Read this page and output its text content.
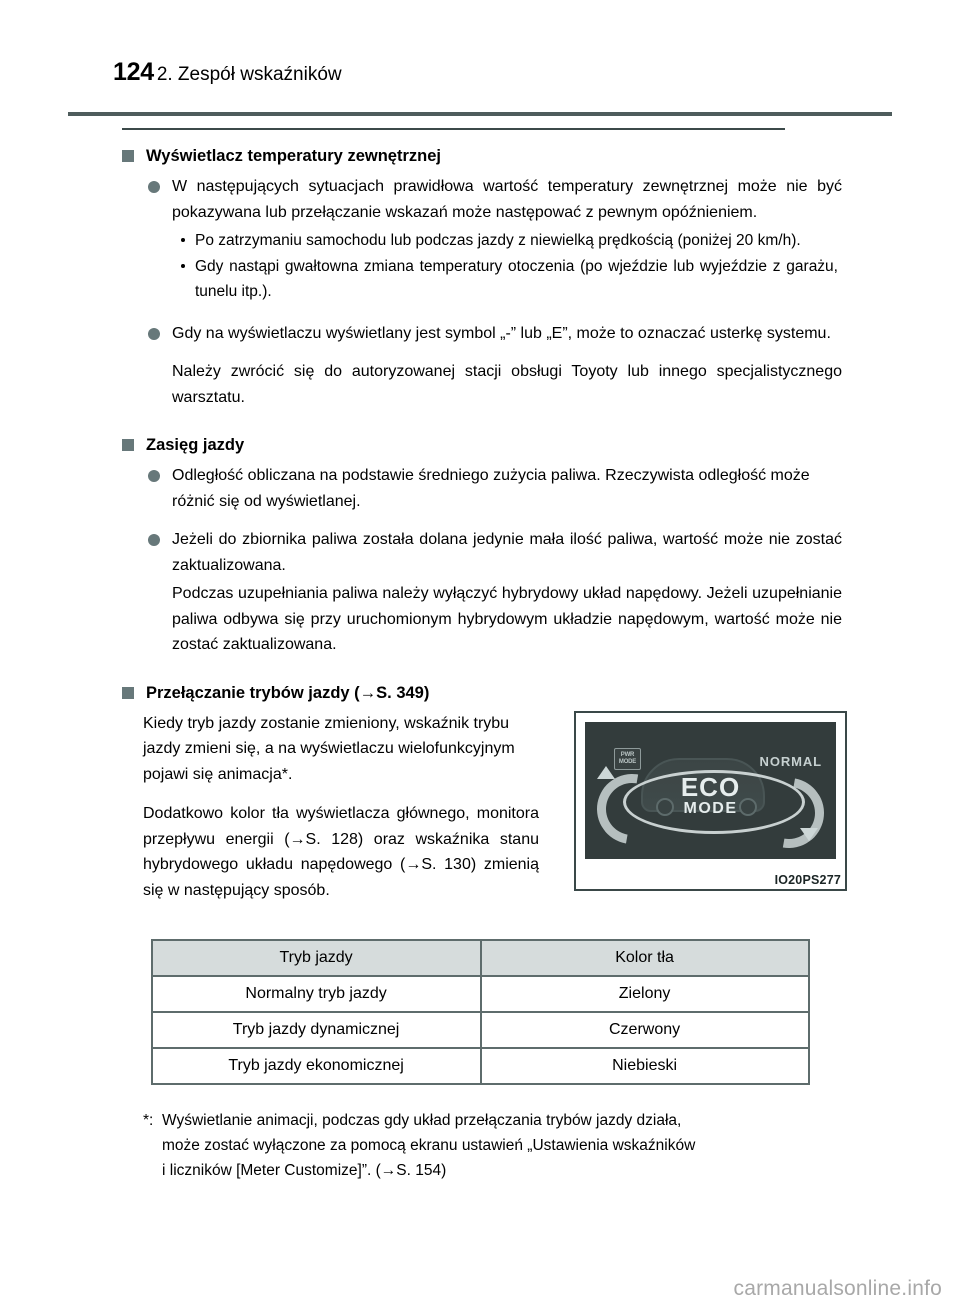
124 2. Zespół wskaźników
Wyświetlacz temperatury zewnętrznej
W następujących sytuacjach prawidłowa wartość temperatury zewnętrznej może nie być pokazywana lub przełączanie wskazań może następować z pewnym opóźnieniem.
Po zatrzymaniu samochodu lub podczas jazdy z niewielką prędkością (poniżej 20 km/h).
Gdy nastąpi gwałtowna zmiana temperatury otoczenia (po wjeździe lub wyjeździe z garażu, tunelu itp.).
Gdy na wyświetlaczu wyświetlany jest symbol „-” lub „E”, może to oznaczać usterkę systemu.
Należy zwrócić się do autoryzowanej stacji obsługi Toyoty lub innego specjalistycznego warsztatu.
Zasięg jazdy
Odległość obliczana na podstawie średniego zużycia paliwa. Rzeczywista odległość może różnić się od wyświetlanej.
Jeżeli do zbiornika paliwa została dolana jedynie mała ilość paliwa, wartość może nie zostać zaktualizowana.
Podczas uzupełniania paliwa należy wyłączyć hybrydowy układ napędowy. Jeżeli uzupełnianie paliwa odbywa się przy uruchomionym hybrydowym układzie napędowym, wartość może nie zostać zaktualizowana.
Przełączanie trybów jazdy (→S. 349)

Kiedy tryb jazdy zostanie zmieniony, wskaźnik trybu jazdy zmieni się, a na wyświetlaczu wielofunkcyjnym pojawi się animacja*.

Dodatkowo kolor tła wyświetlacza głównego, monitora przepływu energii (→S. 128) oraz wskaźnika stanu hybrydowego układu napędowego (→S. 130) zmienią się w następujący sposób.

PWR
MODE	NORMAL
ECO
MODE
IO20PS277
Tryb jazdy	Kolor tła
Normalny tryb jazdy	Zielony
Tryb jazdy dynamicznej	Czerwony
Tryb jazdy ekonomicznej	Niebieski
*: Wyświetlanie animacji, podczas gdy układ przełączania trybów jazdy działa,
może zostać wyłączone za pomocą ekranu ustawień „Ustawienia wskaźników
i liczników [Meter Customize]”. (→S. 154)
carmanualsonline.info
